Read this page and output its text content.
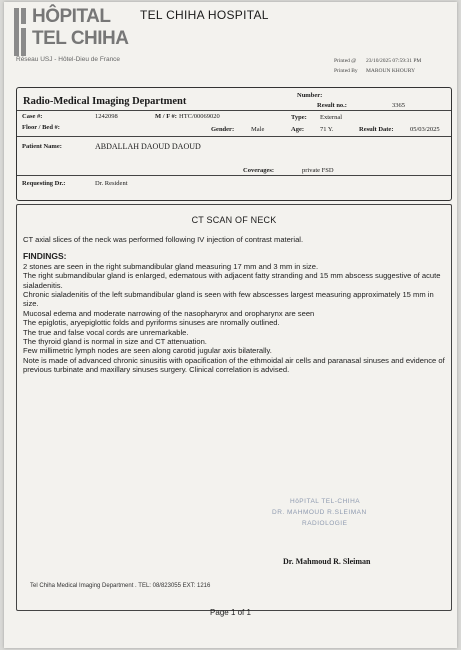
HÔPITAL
TEL CHIHA
Réseau USJ - Hôtel-Dieu de France
TEL CHIHA HOSPITAL
Printed @ 23/10/2025 07:59:31 PM
Printed By MAROUN KHOURY
Radio-Medical Imaging Department
Number:
Result no.:	3365
Case #:	1242098	M / F #: HTC/00069020	Type: External
Floor / Bed #:	Gender:	Male	Age: 71 Y.	Result Date:	05/03/2025
Patient Name:	ABDALLAH DAOUD DAOUD
Coverages:	private FSD
Requesting Dr.:	Dr. Resident
CT SCAN OF NECK

CT axial slices of the neck was performed following IV injection of contrast material.

FINDINGS:

2 stones are seen in the right submandibular gland measuring 17 mm and 3 mm in size.

The right submandibular gland is enlarged, edematous with adjacent fatty stranding and 15 mm abscess suggestive of acute sialadenitis.

Chronic sialadenitis of the left submandibular gland is seen with few abscesses largest measuring approximately 15 mm in size.

Mucosal edema and moderate narrowing of the nasopharynx and oropharynx are seen

The epiglotis, aryepiglottic folds and pyriforms sinuses are nromally outlined.

The true and false vocal cords are unremarkable.

The thyroid gland is normal in size and CT attenuation.

Few millimetric lymph nodes are seen along carotid jugular axis bilaterally.

Note is made of advanced chronic sinusitis with opacification of the ethmoidal air cells and paranasal sinuses and evidence of previous turbinate and maxillary sinuses surgery. Clinical correlation is advised.

HôPITAL TEL-CHIHA
DR. MAHMOUD R.SLEIMAN
RADIOLOGIE
Dr. Mahmoud R. Sleiman
Tel Chiha Medical Imaging Department . TEL: 08/823055 EXT: 1216
Page 1 of 1
